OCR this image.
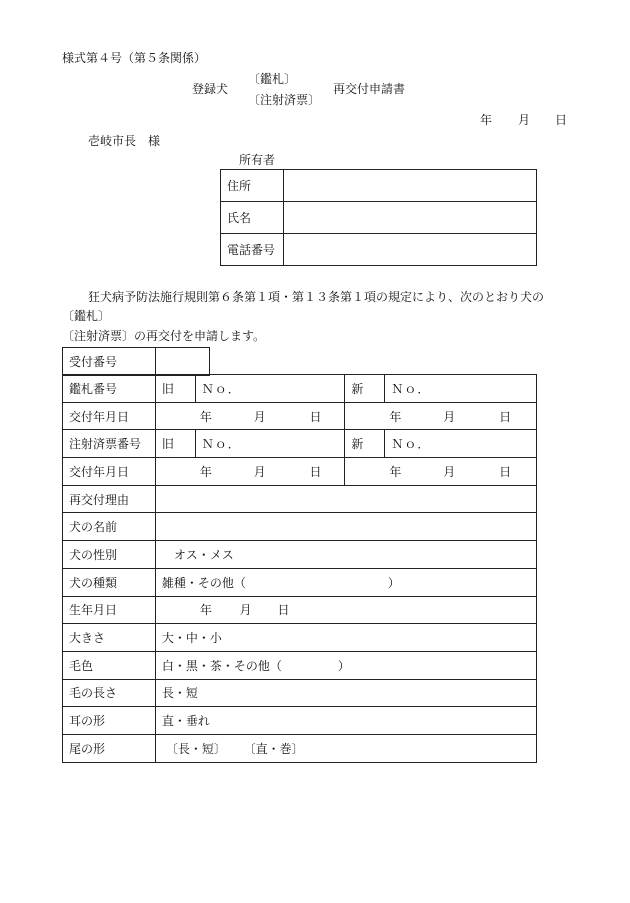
様式第４号（第５条関係）
登録犬
〔鑑札〕
〔注射済票〕
再交付申請書
年 月 日
壱岐市長　様
所有者
住所	
氏名	
電話番号	
狂犬病予防法施行規則第６条第１項・第１３条第１項の規定により、次のとおり犬の
〔鑑札〕
〔注射済票〕の再交付を申請します。
受付番号	
鑑札番号	旧	Ｎｏ．	新	Ｎｏ．
交付年月日	年 月 日		年 月 日	
注射済票番号	旧	Ｎｏ．	新	Ｎｏ．
交付年月日	年 月 日		年 月 日	
再交付理由				
犬の名前				
犬の性別	オス・メス			
犬の種類	雑種・その他（ ）			
生年月日	年 月 日			
大きさ	大・中・小			
毛色	白・黒・茶・その他（ ）			
毛の長さ	長・短			
耳の形	直・垂れ			
尾の形	〔長・短〕 〔直・巻〕			
